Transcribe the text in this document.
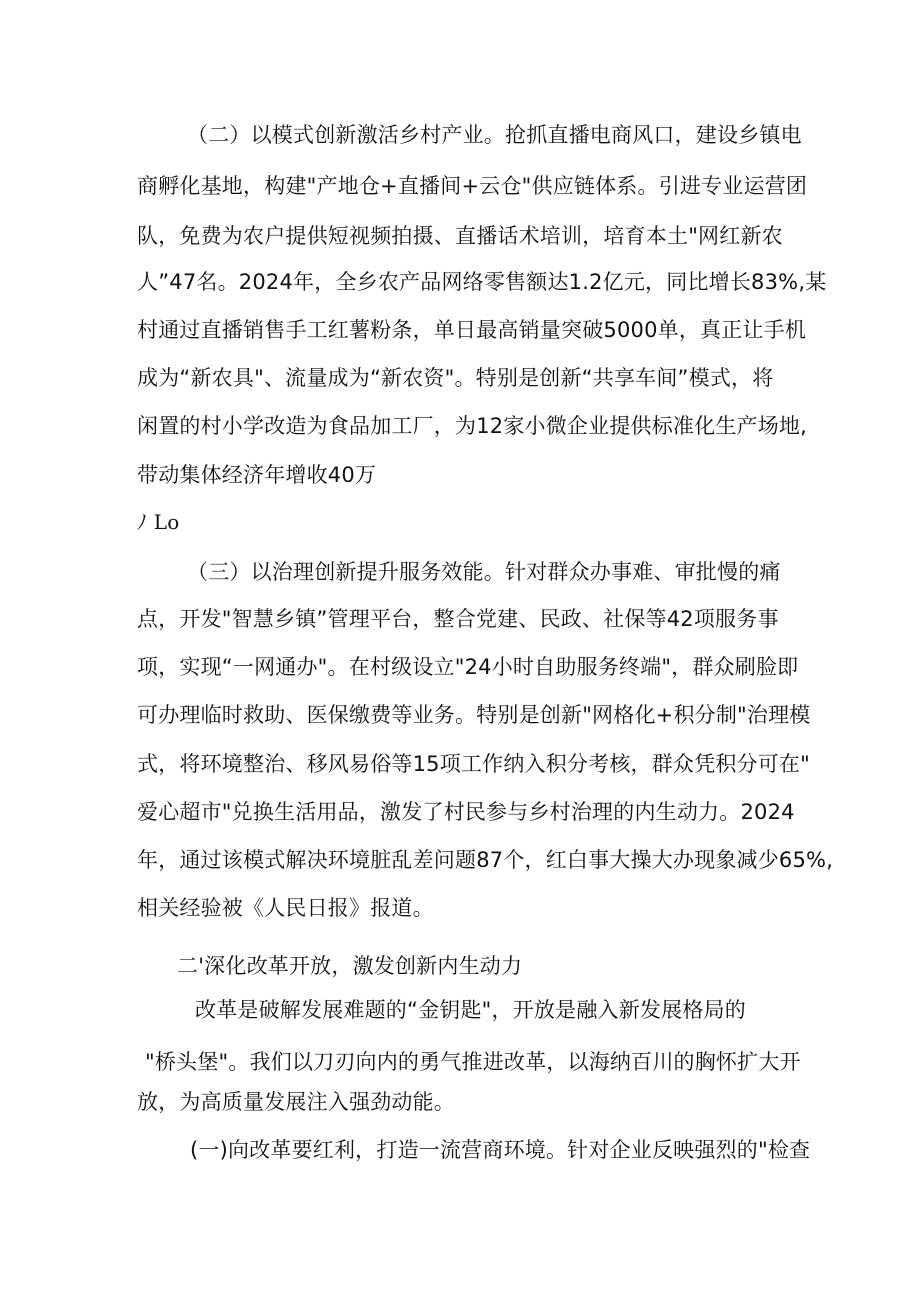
（二）以模式创新激活乡村产业。抢抓直播电商风口，建设乡镇电
商孵化基地，构建"产地仓+直播间+云仓"供应链体系。引进专业运营团
队，免费为农户提供短视频拍摄、直播话术培训，培育本土"网红新农
人”47名。2024年，全乡农产品网络零售额达1.2亿元，同比增长83%,某
村通过直播销售手工红薯粉条，单日最高销量突破5000单，真正让手机
成为“新农具"、流量成为“新农资"。特别是创新“共享车间”模式，将
闲置的村小学改造为食品加工厂，为12家小微企业提供标准化生产场地,
带动集体经济年增收40万
ﾉ Lo
（三）以治理创新提升服务效能。针对群众办事难、审批慢的痛
点，开发"智慧乡镇”管理平台，整合党建、民政、社保等42项服务事
项，实现“一网通办"。在村级设立"24小时自助服务终端"，群众刷脸即
可办理临时救助、医保缴费等业务。特别是创新"网格化+积分制"治理模
式，将环境整治、移风易俗等15项工作纳入积分考核，群众凭积分可在"
爱心超市"兑换生活用品，激发了村民参与乡村治理的内生动力。2024
年，通过该模式解决环境脏乱差问题87个，红白事大操大办现象减少65%,
相关经验被《人民日报》报道。
二'深化改革开放，激发创新内生动力
改革是破解发展难题的“金钥匙"，开放是融入新发展格局的
"桥头堡"。我们以刀刃向内的勇气推进改革，以海纳百川的胸怀扩大开
放，为高质量发展注入强劲动能。
(一)向改革要红利，打造一流营商环境。针对企业反映强烈的"检查
